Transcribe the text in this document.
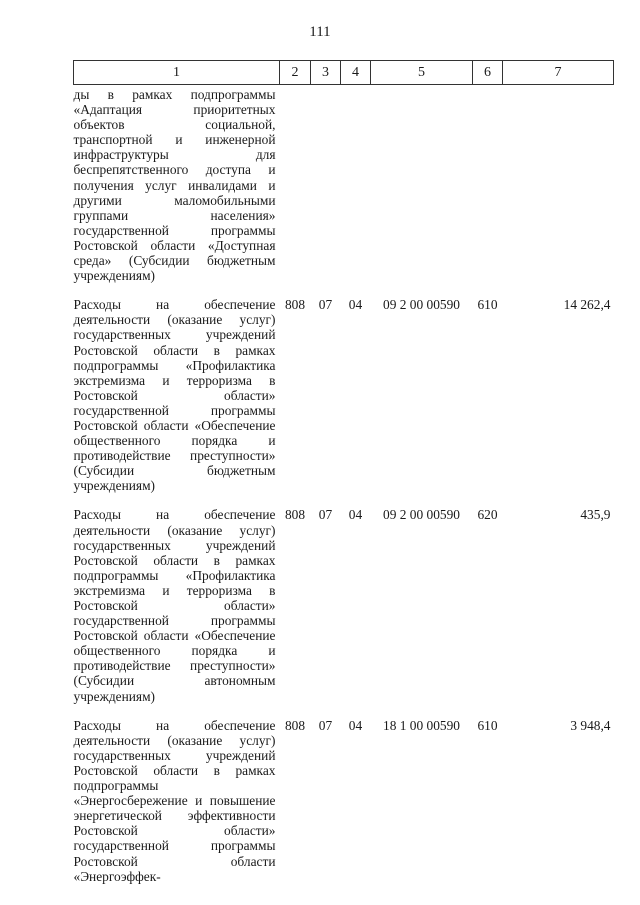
111
1	2	3	4	5	6	7
ды в рамках подпрограммы «Адаптация приоритетных объектов социальной, транспортной и инженерной инфраструктуры для беспрепятственного доступа и получения услуг инвалидами и другими маломобильными группами населения» государственной программы Ростовской области «Доступная среда» (Субсидии бюджетным учреждениям)						
Расходы на обеспечение деятельности (оказание услуг) государственных учреждений Ростовской области в рамках подпрограммы «Профилактика экстремизма и терроризма в Ростовской области» государственной программы Ростовской области «Обеспечение общественного порядка и противодействие преступности» (Субсидии бюджетным учреждениям)	808	07	04	09 2 00 00590	610	14 262,4
Расходы на обеспечение деятельности (оказание услуг) государственных учреждений Ростовской области в рамках подпрограммы «Профилактика экстремизма и терроризма в Ростовской области» государственной программы Ростовской области «Обеспечение общественного порядка и противодействие преступности» (Субсидии автономным учреждениям)	808	07	04	09 2 00 00590	620	435,9
Расходы на обеспечение деятельности (оказание услуг) государственных учреждений Ростовской области в рамках подпрограммы «Энергосбережение и повышение энергетической эффективности Ростовской области» государственной программы Ростовской области «Энергоэффек-	808	07	04	18 1 00 00590	610	3 948,4
